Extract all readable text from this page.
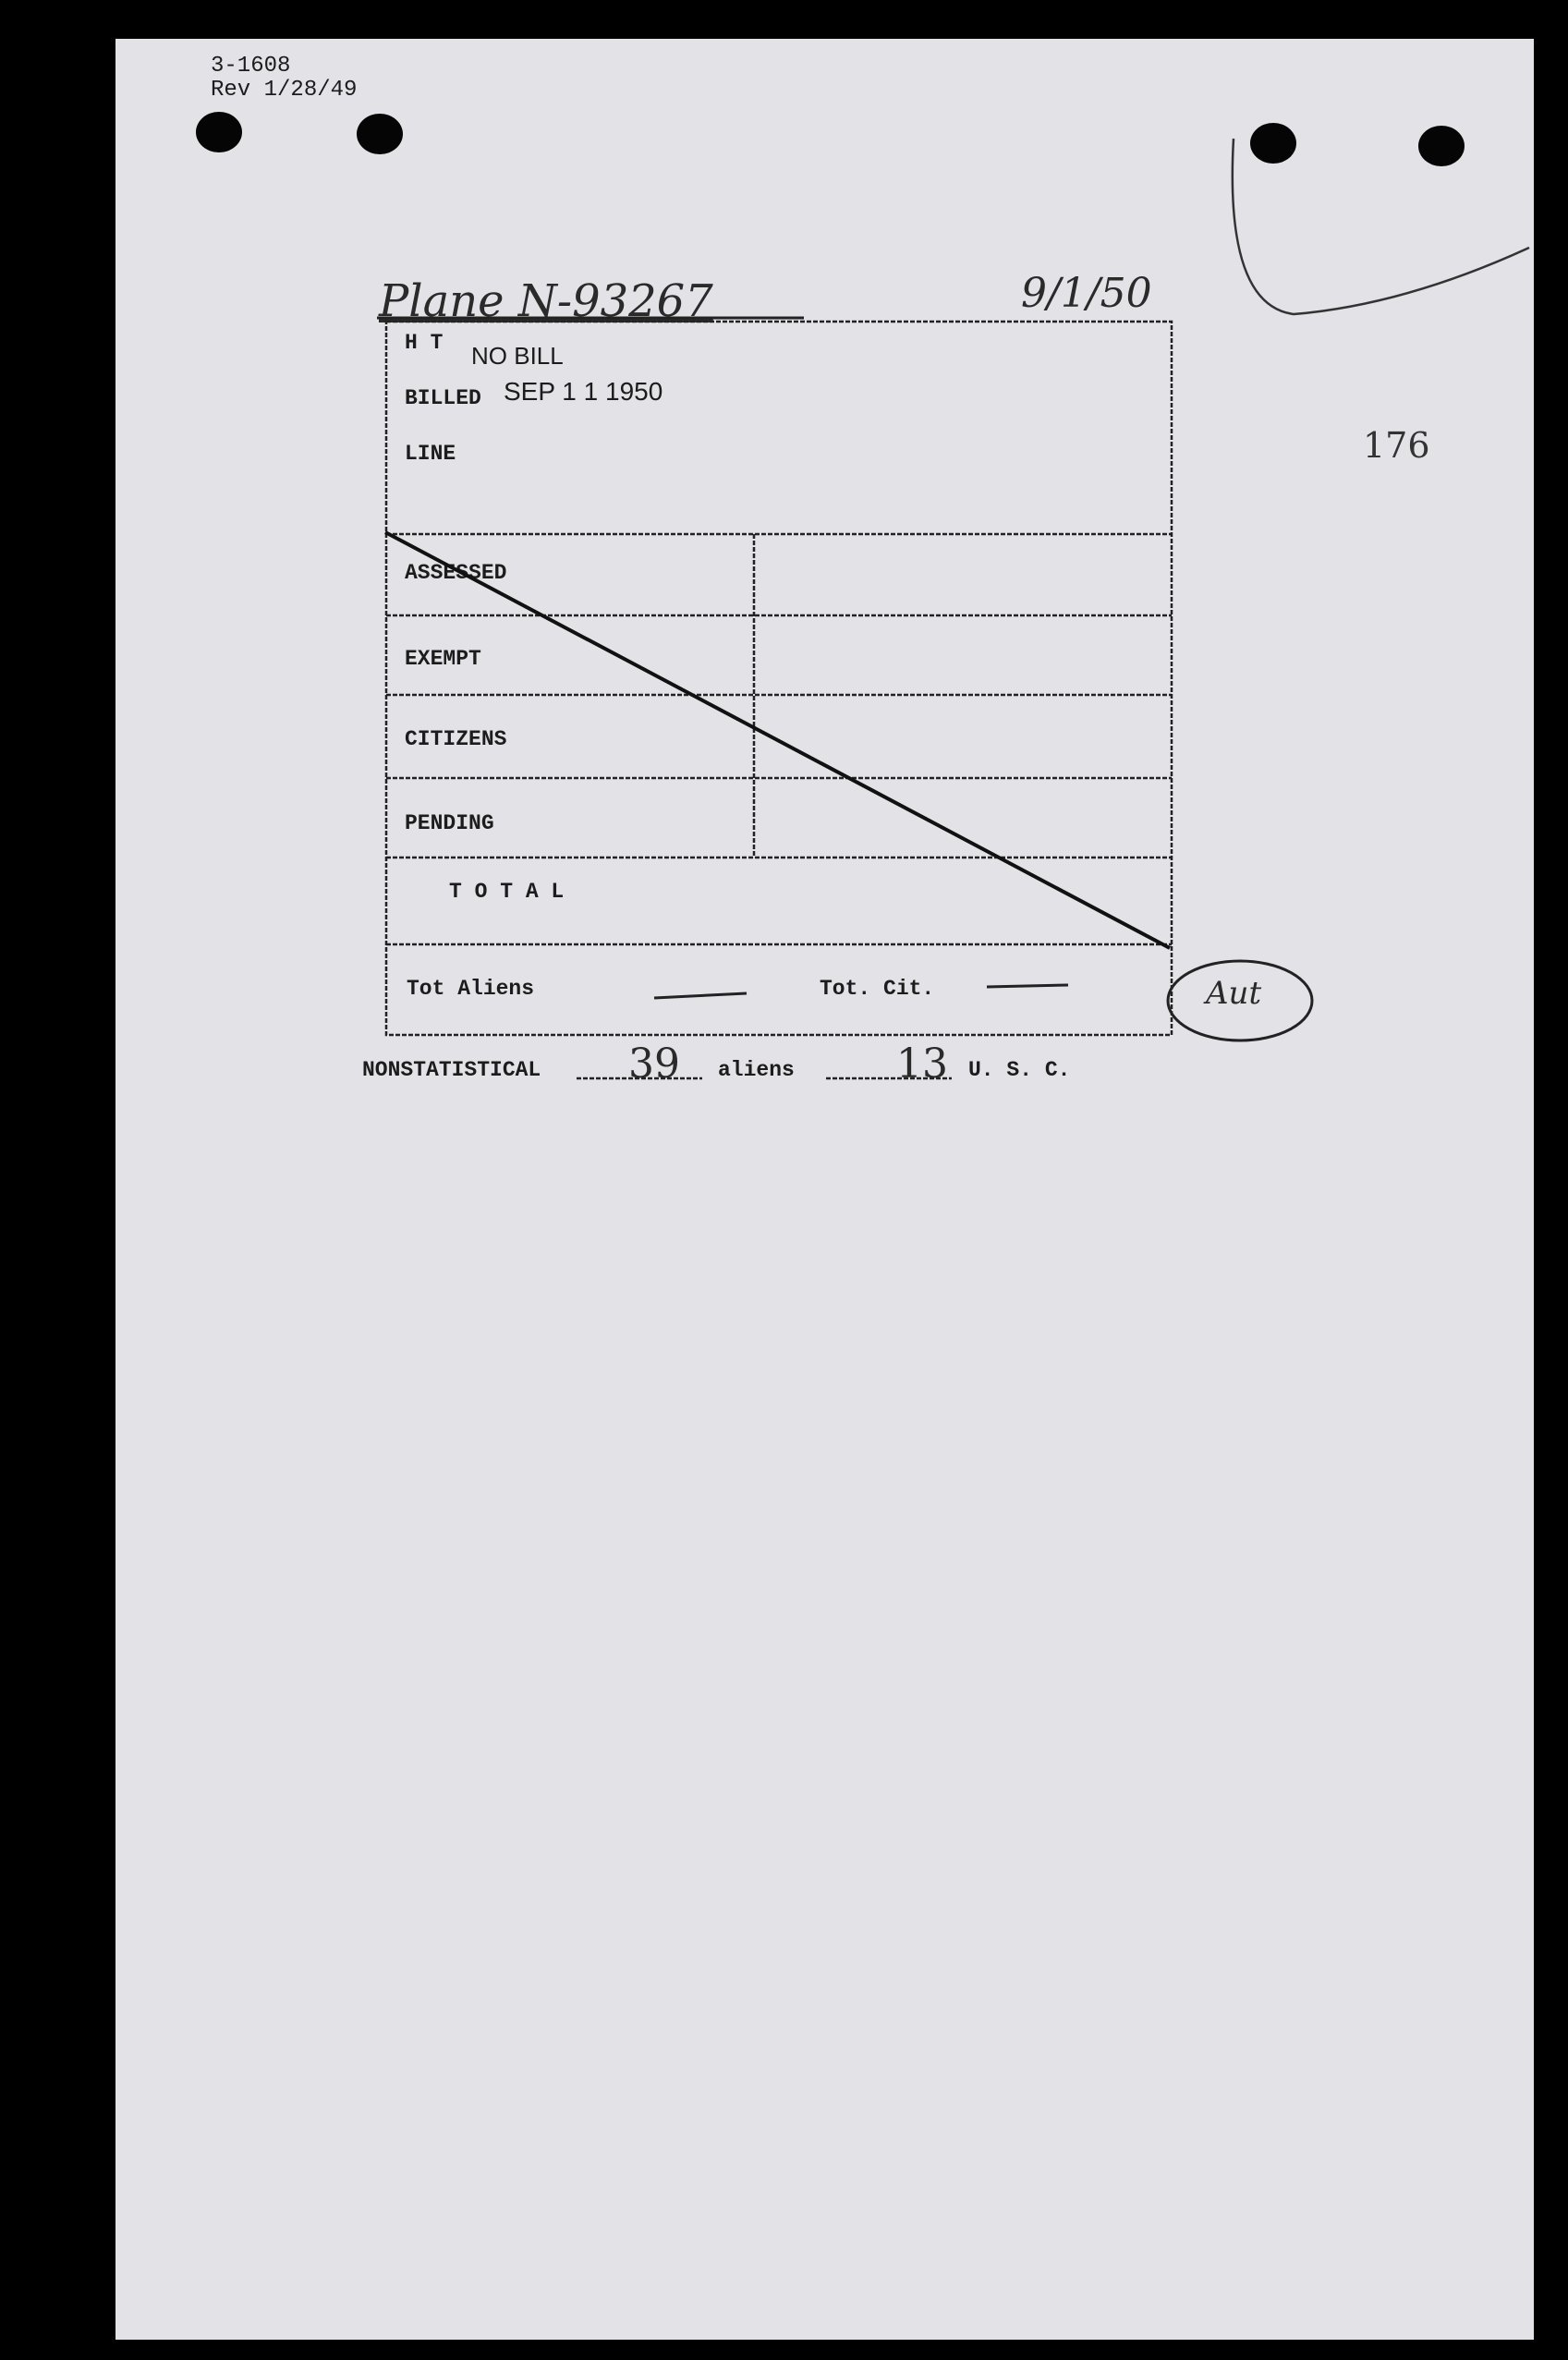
3-1608
Rev 1/28/49
176
Plane N-93267	9/1/50
H T NO BILL
BILLED SEP 1 1 1950
LINE
ASSESSED
EXEMPT
CITIZENS
PENDING
T O T A L
Tot Aliens	Tot. Cit.	Aut
NONSTATISTICAL 39 aliens	13 U. S. C.
